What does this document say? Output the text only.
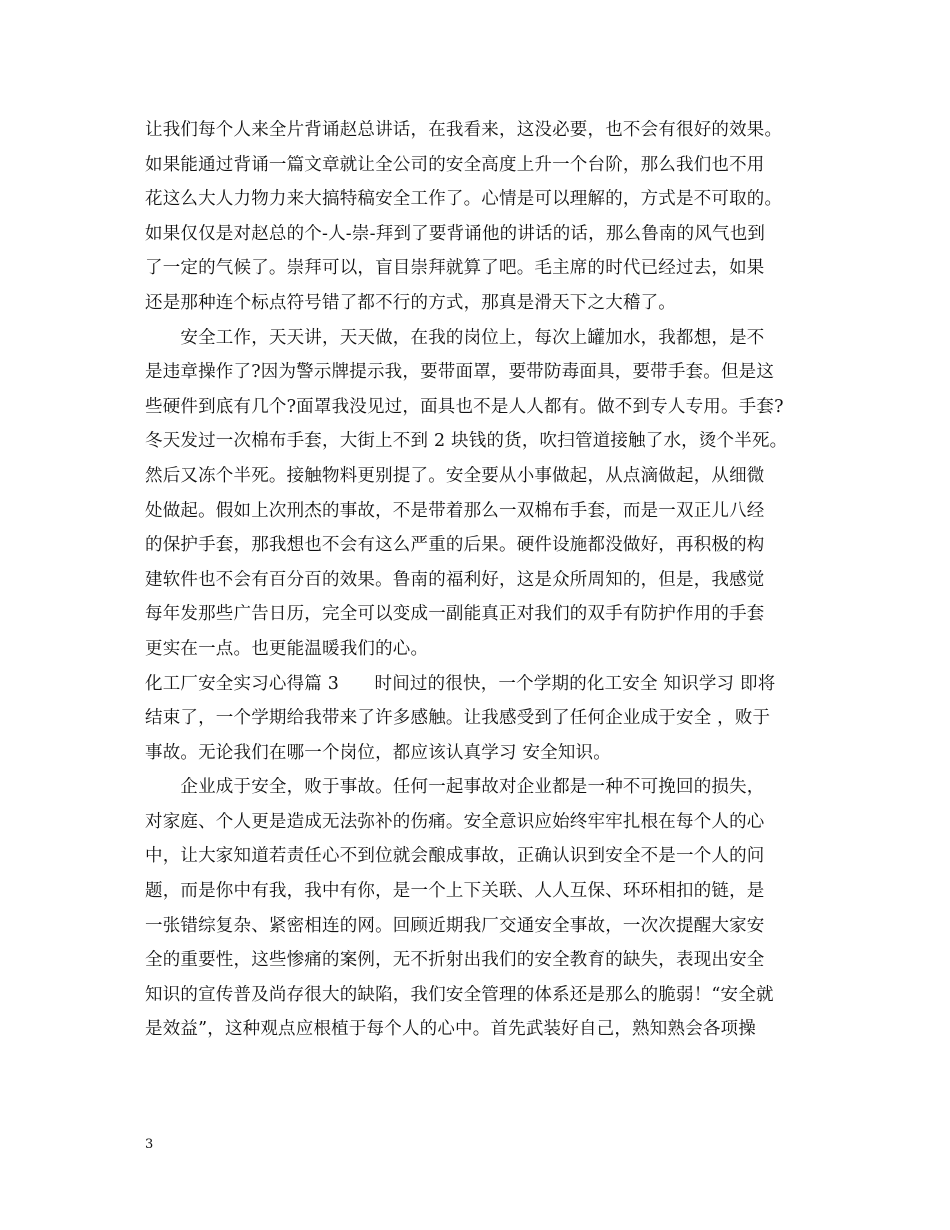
让我们每个人来全片背诵赵总讲话，在我看来，这没必要，也不会有很好的效果。
如果能通过背诵一篇文章就让全公司的安全高度上升一个台阶，那么我们也不用
花这么大人力物力来大搞特稿安全工作了。心情是可以理解的，方式是不可取的。
如果仅仅是对赵总的个-人-崇-拜到了要背诵他的讲话的话，那么鲁南的风气也到
了一定的气候了。崇拜可以，盲目崇拜就算了吧。毛主席的时代已经过去，如果
还是那种连个标点符号错了都不行的方式，那真是滑天下之大稽了。
　　安全工作，天天讲，天天做，在我的岗位上，每次上罐加水，我都想，是不
是违章操作了?因为警示牌提示我，要带面罩，要带防毒面具，要带手套。但是这
些硬件到底有几个?面罩我没见过，面具也不是人人都有。做不到专人专用。手套?
冬天发过一次棉布手套，大街上不到 2 块钱的货，吹扫管道接触了水，烫个半死。
然后又冻个半死。接触物料更别提了。安全要从小事做起，从点滴做起，从细微
处做起。假如上次刑杰的事故，不是带着那么一双棉布手套，而是一双正儿八经
的保护手套，那我想也不会有这么严重的后果。硬件设施都没做好，再积极的构
建软件也不会有百分百的效果。鲁南的福利好，这是众所周知的，但是，我感觉
每年发那些广告日历，完全可以变成一副能真正对我们的双手有防护作用的手套
更实在一点。也更能温暖我们的心。
化工厂安全实习心得篇 3　　时间过的很快，一个学期的化工安全 知识学习 即将
结束了，一个学期给我带来了许多感触。让我感受到了任何企业成于安全 ，败于
事故。无论我们在哪一个岗位，都应该认真学习 安全知识。
　　企业成于安全，败于事故。任何一起事故对企业都是一种不可挽回的损失，
对家庭、个人更是造成无法弥补的伤痛。安全意识应始终牢牢扎根在每个人的心
中，让大家知道若责任心不到位就会酿成事故，正确认识到安全不是一个人的问
题，而是你中有我，我中有你，是一个上下关联、人人互保、环环相扣的链，是
一张错综复杂、紧密相连的网。回顾近期我厂交通安全事故，一次次提醒大家安
全的重要性，这些惨痛的案例，无不折射出我们的安全教育的缺失，表现出安全
知识的宣传普及尚存很大的缺陷，我们安全管理的体系还是那么的脆弱！“安全就
是效益”，这种观点应根植于每个人的心中。首先武装好自己，熟知熟会各项操
3
